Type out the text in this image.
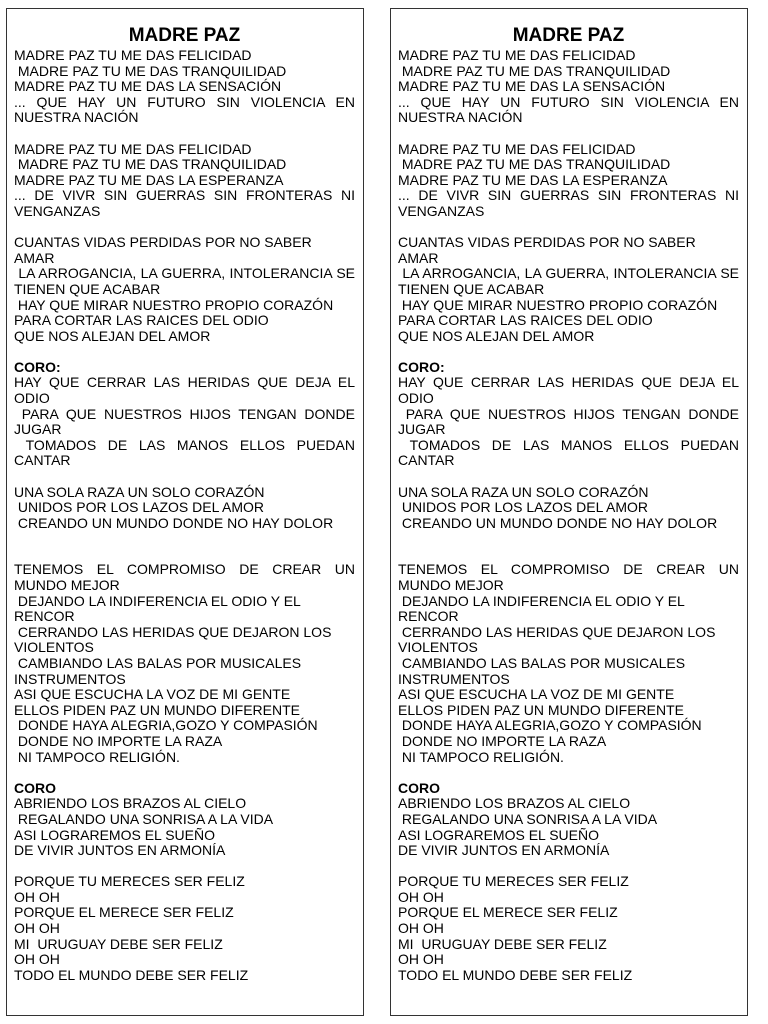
MADRE PAZ
MADRE PAZ TU ME DAS FELICIDAD
MADRE PAZ TU ME DAS TRANQUILIDAD
MADRE PAZ TU ME DAS LA SENSACIÓN
... QUE HAY UN FUTURO SIN VIOLENCIA EN
NUESTRA NACIÓN
MADRE PAZ TU ME DAS FELICIDAD
MADRE PAZ TU ME DAS TRANQUILIDAD
MADRE PAZ TU ME DAS LA ESPERANZA
... DE VIVR SIN GUERRAS SIN FRONTERAS NI
VENGANZAS
CUANTAS VIDAS PERDIDAS POR NO SABER AMAR
LA ARROGANCIA, LA GUERRA, INTOLERANCIA SE
TIENEN QUE ACABAR
HAY QUE MIRAR NUESTRO PROPIO CORAZÓN
PARA CORTAR LAS RAICES DEL ODIO
QUE NOS ALEJAN DEL AMOR
CORO:
HAY QUE CERRAR LAS HERIDAS QUE DEJA EL
ODIO
PARA QUE NUESTROS HIJOS TENGAN DONDE
JUGAR
TOMADOS DE LAS MANOS ELLOS PUEDAN
CANTAR
UNA SOLA RAZA UN SOLO CORAZÓN
UNIDOS POR LOS LAZOS DEL AMOR
CREANDO UN MUNDO DONDE NO HAY DOLOR
TENEMOS EL COMPROMISO DE CREAR UN
MUNDO MEJOR
DEJANDO LA INDIFERENCIA EL ODIO Y EL
RENCOR
CERRANDO LAS HERIDAS QUE DEJARON LOS
VIOLENTOS
CAMBIANDO LAS BALAS POR MUSICALES
INSTRUMENTOS
ASI QUE ESCUCHA LA VOZ DE MI GENTE
ELLOS PIDEN PAZ UN MUNDO DIFERENTE
DONDE HAYA ALEGRIA,GOZO Y COMPASIÓN
DONDE NO IMPORTE LA RAZA
NI TAMPOCO RELIGIÓN.
CORO
ABRIENDO LOS BRAZOS AL CIELO
REGALANDO UNA SONRISA A LA VIDA
ASI LOGRAREMOS EL SUEÑO
DE VIVIR JUNTOS EN ARMONÍA
PORQUE TU MERECES SER FELIZ
OH OH
PORQUE EL MERECE SER FELIZ
OH OH
MI  URUGUAY DEBE SER FELIZ
OH OH
TODO EL MUNDO DEBE SER FELIZ
MADRE PAZ
MADRE PAZ TU ME DAS FELICIDAD
MADRE PAZ TU ME DAS TRANQUILIDAD
MADRE PAZ TU ME DAS LA SENSACIÓN
... QUE HAY UN FUTURO SIN VIOLENCIA EN
NUESTRA NACIÓN
MADRE PAZ TU ME DAS FELICIDAD
MADRE PAZ TU ME DAS TRANQUILIDAD
MADRE PAZ TU ME DAS LA ESPERANZA
... DE VIVR SIN GUERRAS SIN FRONTERAS NI
VENGANZAS
CUANTAS VIDAS PERDIDAS POR NO SABER AMAR
LA ARROGANCIA, LA GUERRA, INTOLERANCIA SE
TIENEN QUE ACABAR
HAY QUE MIRAR NUESTRO PROPIO CORAZÓN
PARA CORTAR LAS RAICES DEL ODIO
QUE NOS ALEJAN DEL AMOR
CORO:
HAY QUE CERRAR LAS HERIDAS QUE DEJA EL
ODIO
PARA QUE NUESTROS HIJOS TENGAN DONDE
JUGAR
TOMADOS DE LAS MANOS ELLOS PUEDAN
CANTAR
UNA SOLA RAZA UN SOLO CORAZÓN
UNIDOS POR LOS LAZOS DEL AMOR
CREANDO UN MUNDO DONDE NO HAY DOLOR
TENEMOS EL COMPROMISO DE CREAR UN
MUNDO MEJOR
DEJANDO LA INDIFERENCIA EL ODIO Y EL
RENCOR
CERRANDO LAS HERIDAS QUE DEJARON LOS
VIOLENTOS
CAMBIANDO LAS BALAS POR MUSICALES
INSTRUMENTOS
ASI QUE ESCUCHA LA VOZ DE MI GENTE
ELLOS PIDEN PAZ UN MUNDO DIFERENTE
DONDE HAYA ALEGRIA,GOZO Y COMPASIÓN
DONDE NO IMPORTE LA RAZA
NI TAMPOCO RELIGIÓN.
CORO
ABRIENDO LOS BRAZOS AL CIELO
REGALANDO UNA SONRISA A LA VIDA
ASI LOGRAREMOS EL SUEÑO
DE VIVIR JUNTOS EN ARMONÍA
PORQUE TU MERECES SER FELIZ
OH OH
PORQUE EL MERECE SER FELIZ
OH OH
MI  URUGUAY DEBE SER FELIZ
OH OH
TODO EL MUNDO DEBE SER FELIZ
